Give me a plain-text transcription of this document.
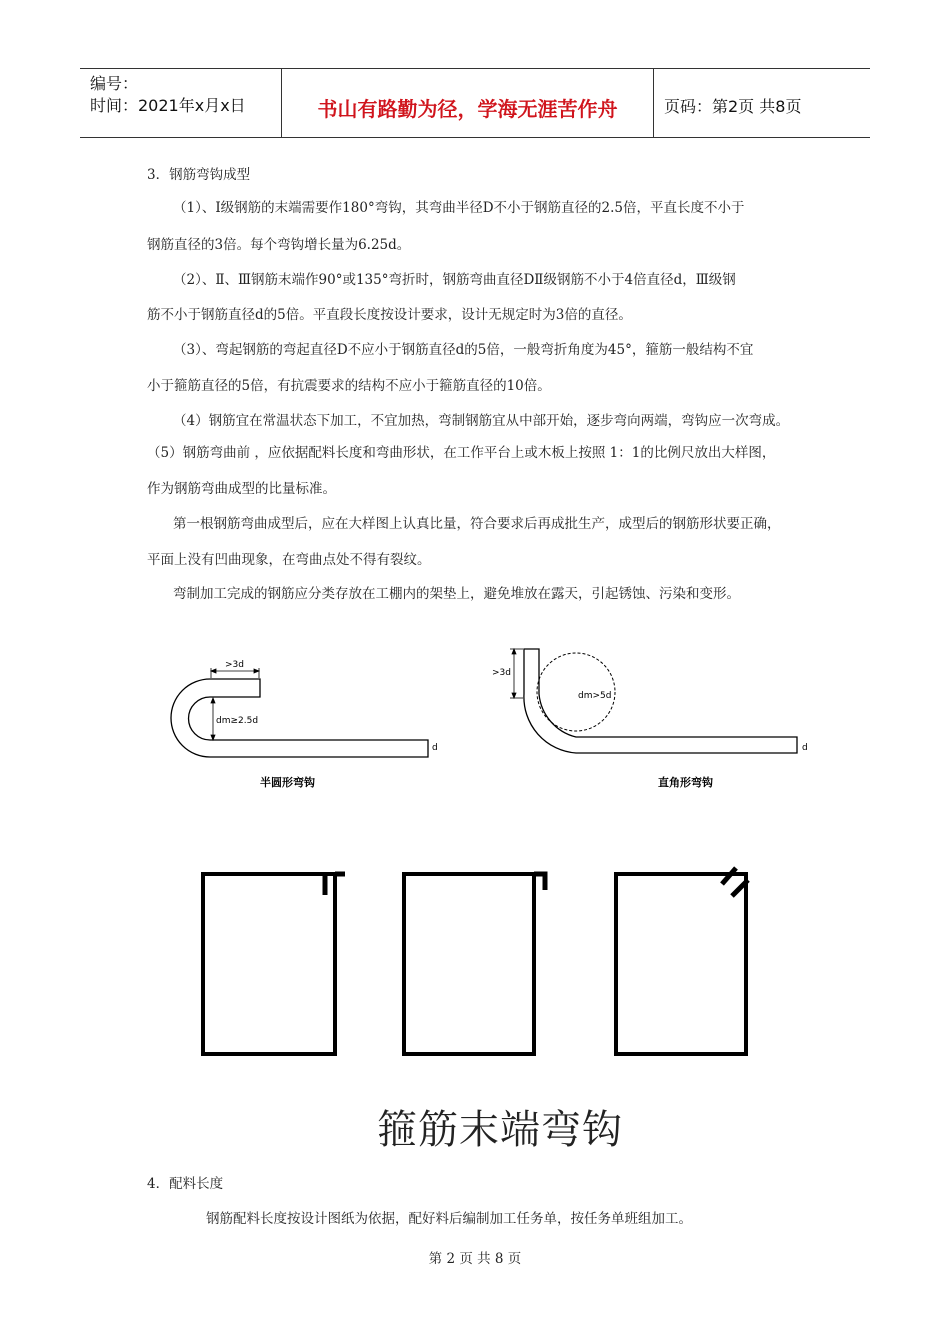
编号：
时间：2021年x月x日	书山有路勤为径，学海无涯苦作舟	页码：第2页 共8页
3．钢筋弯钩成型
（1）、Ⅰ级钢筋的末端需要作180°弯钩，其弯曲半径D不小于钢筋直径的2.5倍，平直长度不小于
钢筋直径的3倍。每个弯钩增长量为6.25d。
（2）、Ⅱ、Ⅲ钢筋末端作90°或135°弯折时，钢筋弯曲直径DⅡ级钢筋不小于4倍直径d，Ⅲ级钢
筋不小于钢筋直径d的5倍。平直段长度按设计要求，设计无规定时为3倍的直径。
（3）、弯起钢筋的弯起直径D不应小于钢筋直径d的5倍，一般弯折角度为45°，箍筋一般结构不宜
小于箍筋直径的5倍，有抗震要求的结构不应小于箍筋直径的10倍。
（4）钢筋宜在常温状态下加工，不宜加热，弯制钢筋宜从中部开始，逐步弯向两端，弯钩应一次弯成。
（5）钢筋弯曲前 ，应依据配料长度和弯曲形状，在工作平台上或木板上按照 1：1的比例尺放出大样图，
作为钢筋弯曲成型的比量标准。
第一根钢筋弯曲成型后，应在大样图上认真比量，符合要求后再成批生产，成型后的钢筋形状要正确，
平面上没有凹曲现象，在弯曲点处不得有裂纹。
弯制加工完成的钢筋应分类存放在工棚内的架垫上，避免堆放在露天，引起锈蚀、污染和变形。
>3d
dm≥2.5d
d
半圆形弯钩
>3d
dm>5d
d
直角形弯钩
箍筋末端弯钩
4．配料长度
钢筋配料长度按设计图纸为依据，配好料后编制加工任务单，按任务单班组加工。
第 2 页 共 8 页
